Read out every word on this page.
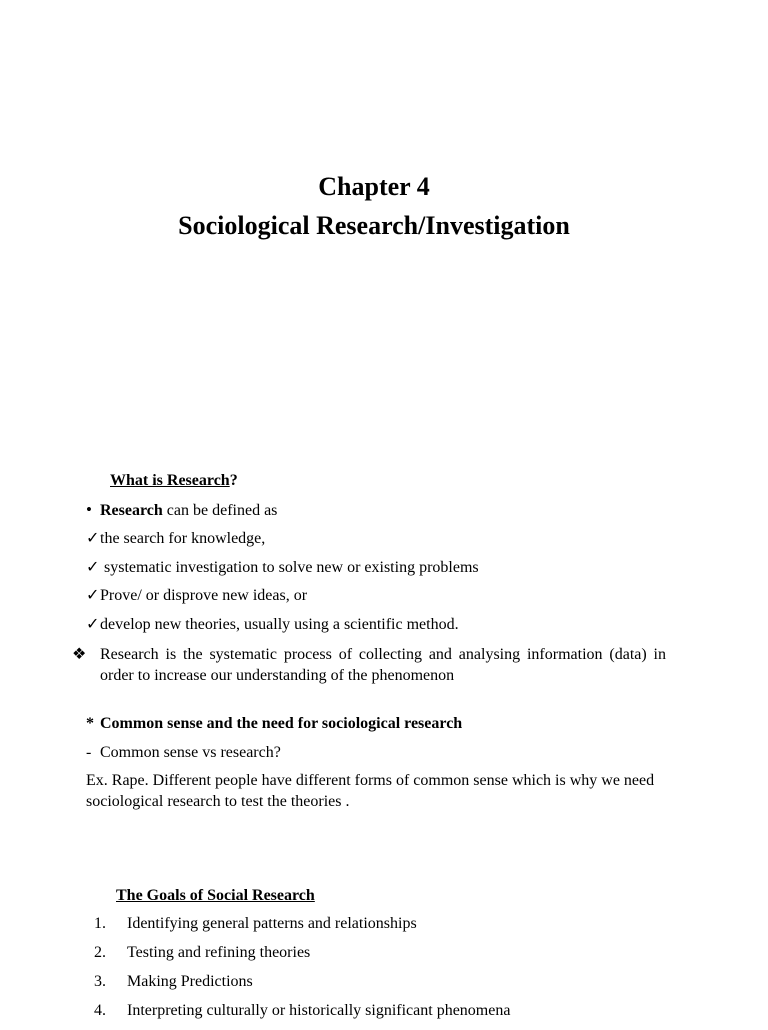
Chapter 4
Sociological Research/Investigation
What is Research?
• Research can be defined as
✓the search for knowledge,
✓ systematic investigation to solve new or existing problems
✓Prove/ or disprove new ideas, or
✓develop new theories, usually using a scientific method.
❖ Research is the systematic process of collecting and analysing information (data) in order to increase our understanding of the phenomenon
* Common sense and the need for sociological research
- Common sense vs research?
Ex. Rape. Different people have different forms of common sense which is why we need sociological research to test the theories .
The Goals of Social Research
1. Identifying general patterns and relationships
2. Testing and refining theories
3. Making Predictions
4. Interpreting culturally or historically significant phenomena
